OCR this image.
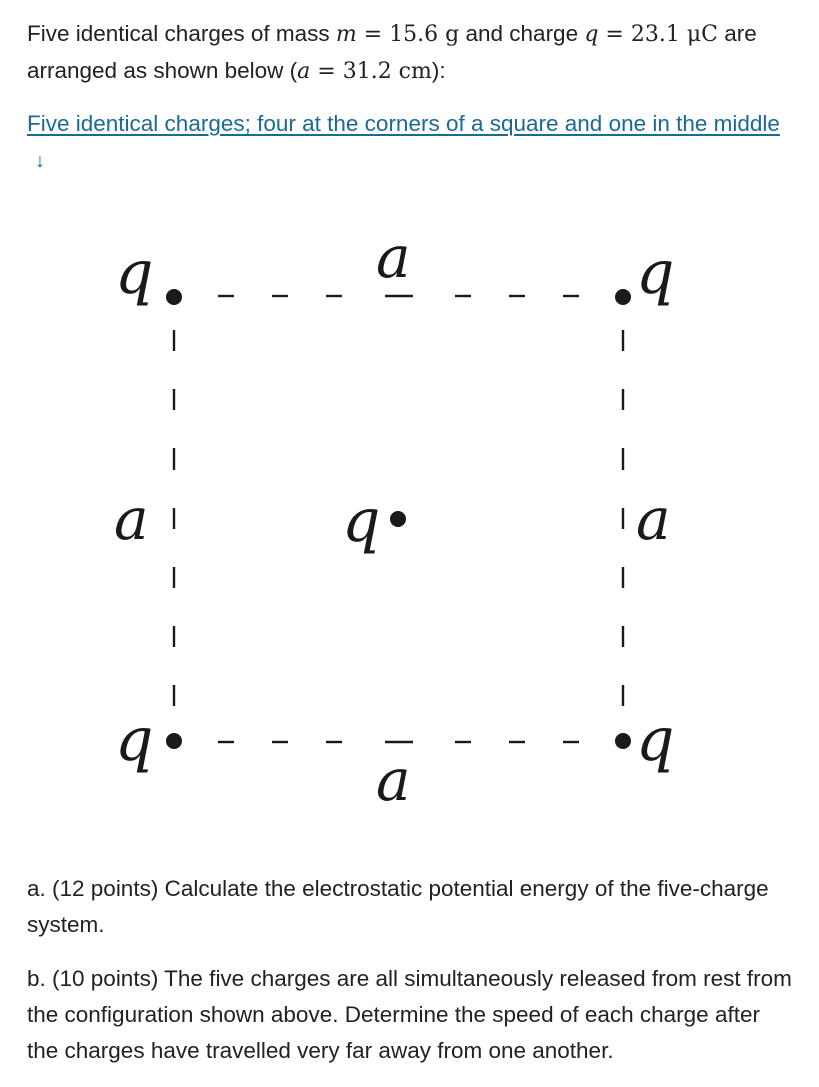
Five identical charges of mass m = 15.6 g and charge q = 23.1 μC are arranged as shown below (a = 31.2 cm):

Five identical charges; four at the corners of a square and one in the middle↓

q	q
q
q	q
a
a
a	a

a. (12 points) Calculate the electrostatic potential energy of the five-charge system.

b. (10 points) The five charges are all simultaneously released from rest from the configuration shown above. Determine the speed of each charge after the charges have travelled very far away from one another.
